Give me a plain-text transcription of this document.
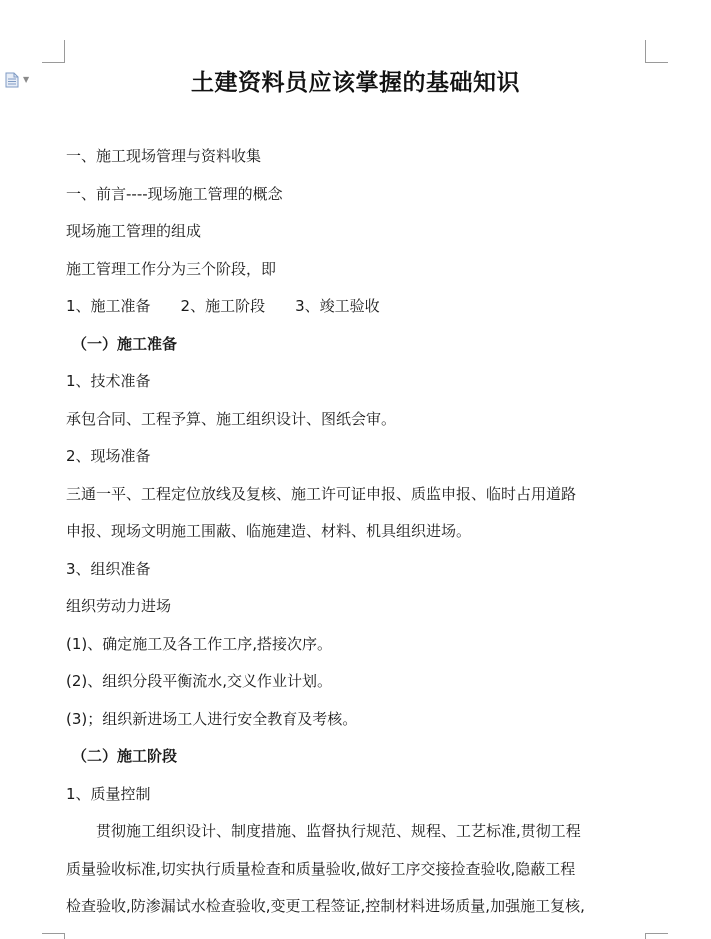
▼	土建资料员应该掌握的基础知识
一、施工现场管理与资料收集
一、前言----现场施工管理的概念
现场施工管理的组成
施工管理工作分为三个阶段，即
1、施工准备 2、施工阶段 3、竣工验收
（一）施工准备
1、技术准备
承包合同、工程予算、施工组织设计、图纸会审。
2、现场准备
三通一平、工程定位放线及复核、施工许可证申报、质监申报、临时占用道路
申报、现场文明施工围蔽、临施建造、材料、机具组织进场。
3、组织准备
组织劳动力进场
(1)、确定施工及各工作工序,搭接次序。
(2)、组织分段平衡流水,交义作业计划。
(3)；组织新进场工人进行安全教育及考核。
（二）施工阶段
1、质量控制
贯彻施工组织设计、制度措施、监督执行规范、规程、工艺标准,贯彻工程
质量验收标准,切实执行质量检查和质量验收,做好工序交接捡查验收,隐蔽工程
检查验收,防渗漏试水检查验收,变更工程签证,控制材料进场质量,加强施工复核,
